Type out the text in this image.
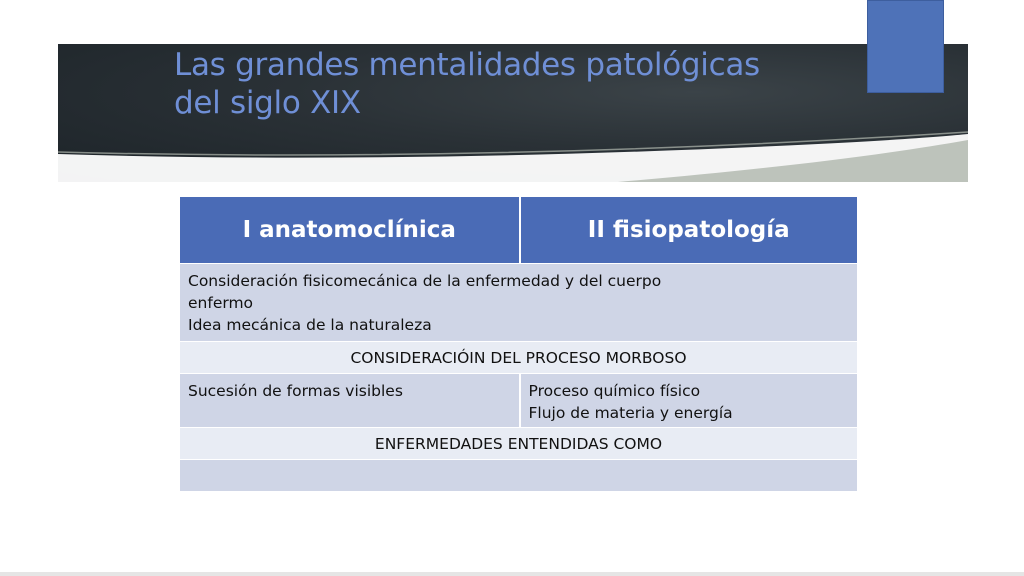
Las grandes mentalidades patológicas
del siglo XIX
I anatomoclínica	II fisiopatología
Consideración fisicomecánica de la enfermedad y del cuerpo
enfermo
Idea mecánica de la naturaleza
CONSIDERACIÓIN DEL PROCESO MORBOSO
Sucesión de formas visibles	Proceso químico físico
Flujo de materia y energía
ENFERMEDADES ENTENDIDAS COMO
